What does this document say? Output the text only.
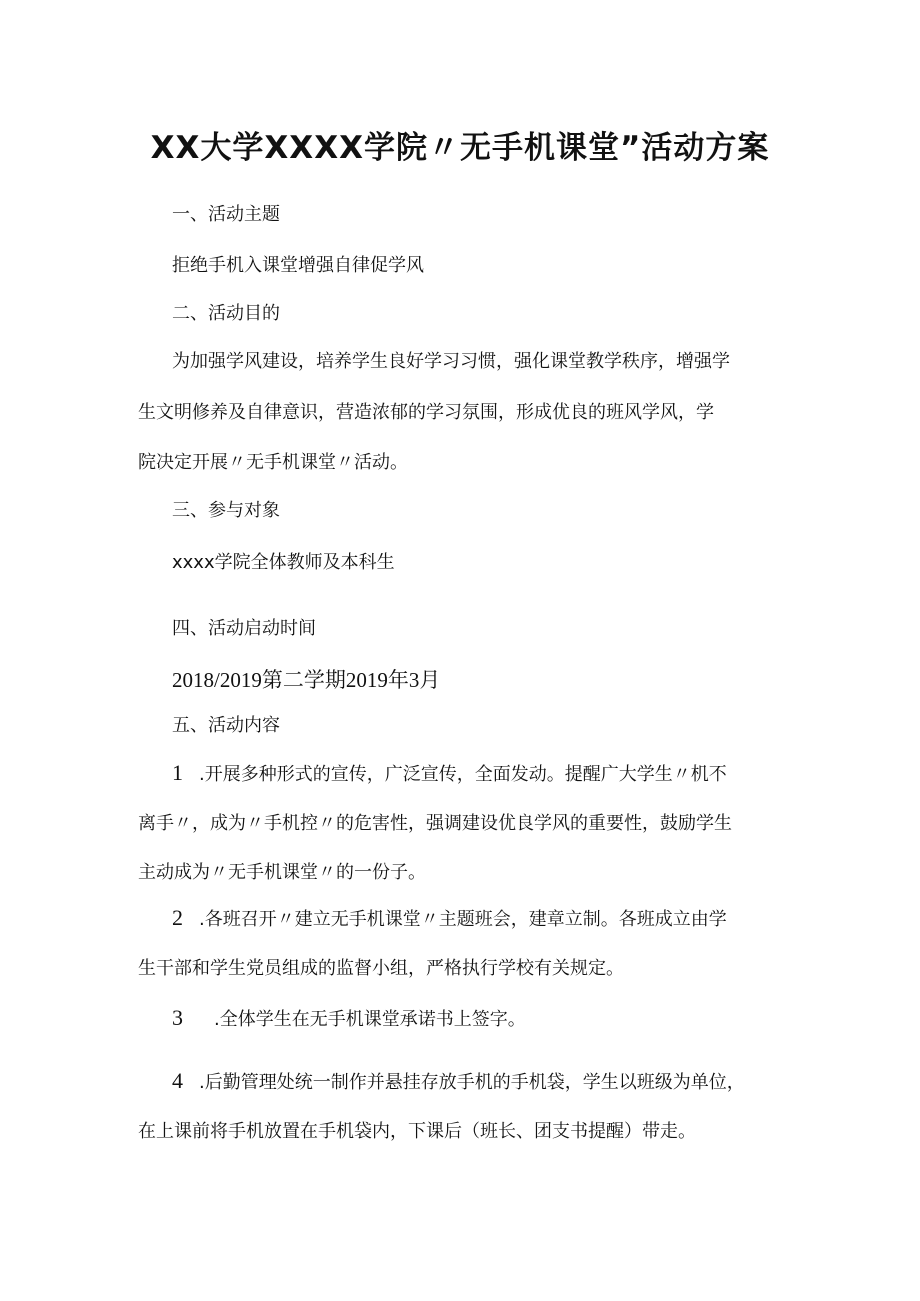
XX大学XXXX学院〃无手机课堂”活动方案
一、活动主题
拒绝手机入课堂增强自律促学风
二、活动目的
为加强学风建设，培养学生良好学习习惯，强化课堂教学秩序，增强学
生文明修养及自律意识，营造浓郁的学习氛围，形成优良的班风学风，学
院决定开展〃无手机课堂〃活动。
三、参与对象
xxxx学院全体教师及本科生
四、活动启动时间
2018/2019第二学期2019年3月
五、活动内容
1 .开展多种形式的宣传，广泛宣传，全面发动。提醒广大学生〃机不
离手〃，成为〃手机控〃的危害性，强调建设优良学风的重要性，鼓励学生
主动成为〃无手机课堂〃的一份子。
2 .各班召开〃建立无手机课堂〃主题班会，建章立制。各班成立由学
生干部和学生党员组成的监督小组，严格执行学校有关规定。
3 .全体学生在无手机课堂承诺书上签字。
4 .后勤管理处统一制作并悬挂存放手机的手机袋，学生以班级为单位，
在上课前将手机放置在手机袋内，下课后（班长、团支书提醒）带走。
